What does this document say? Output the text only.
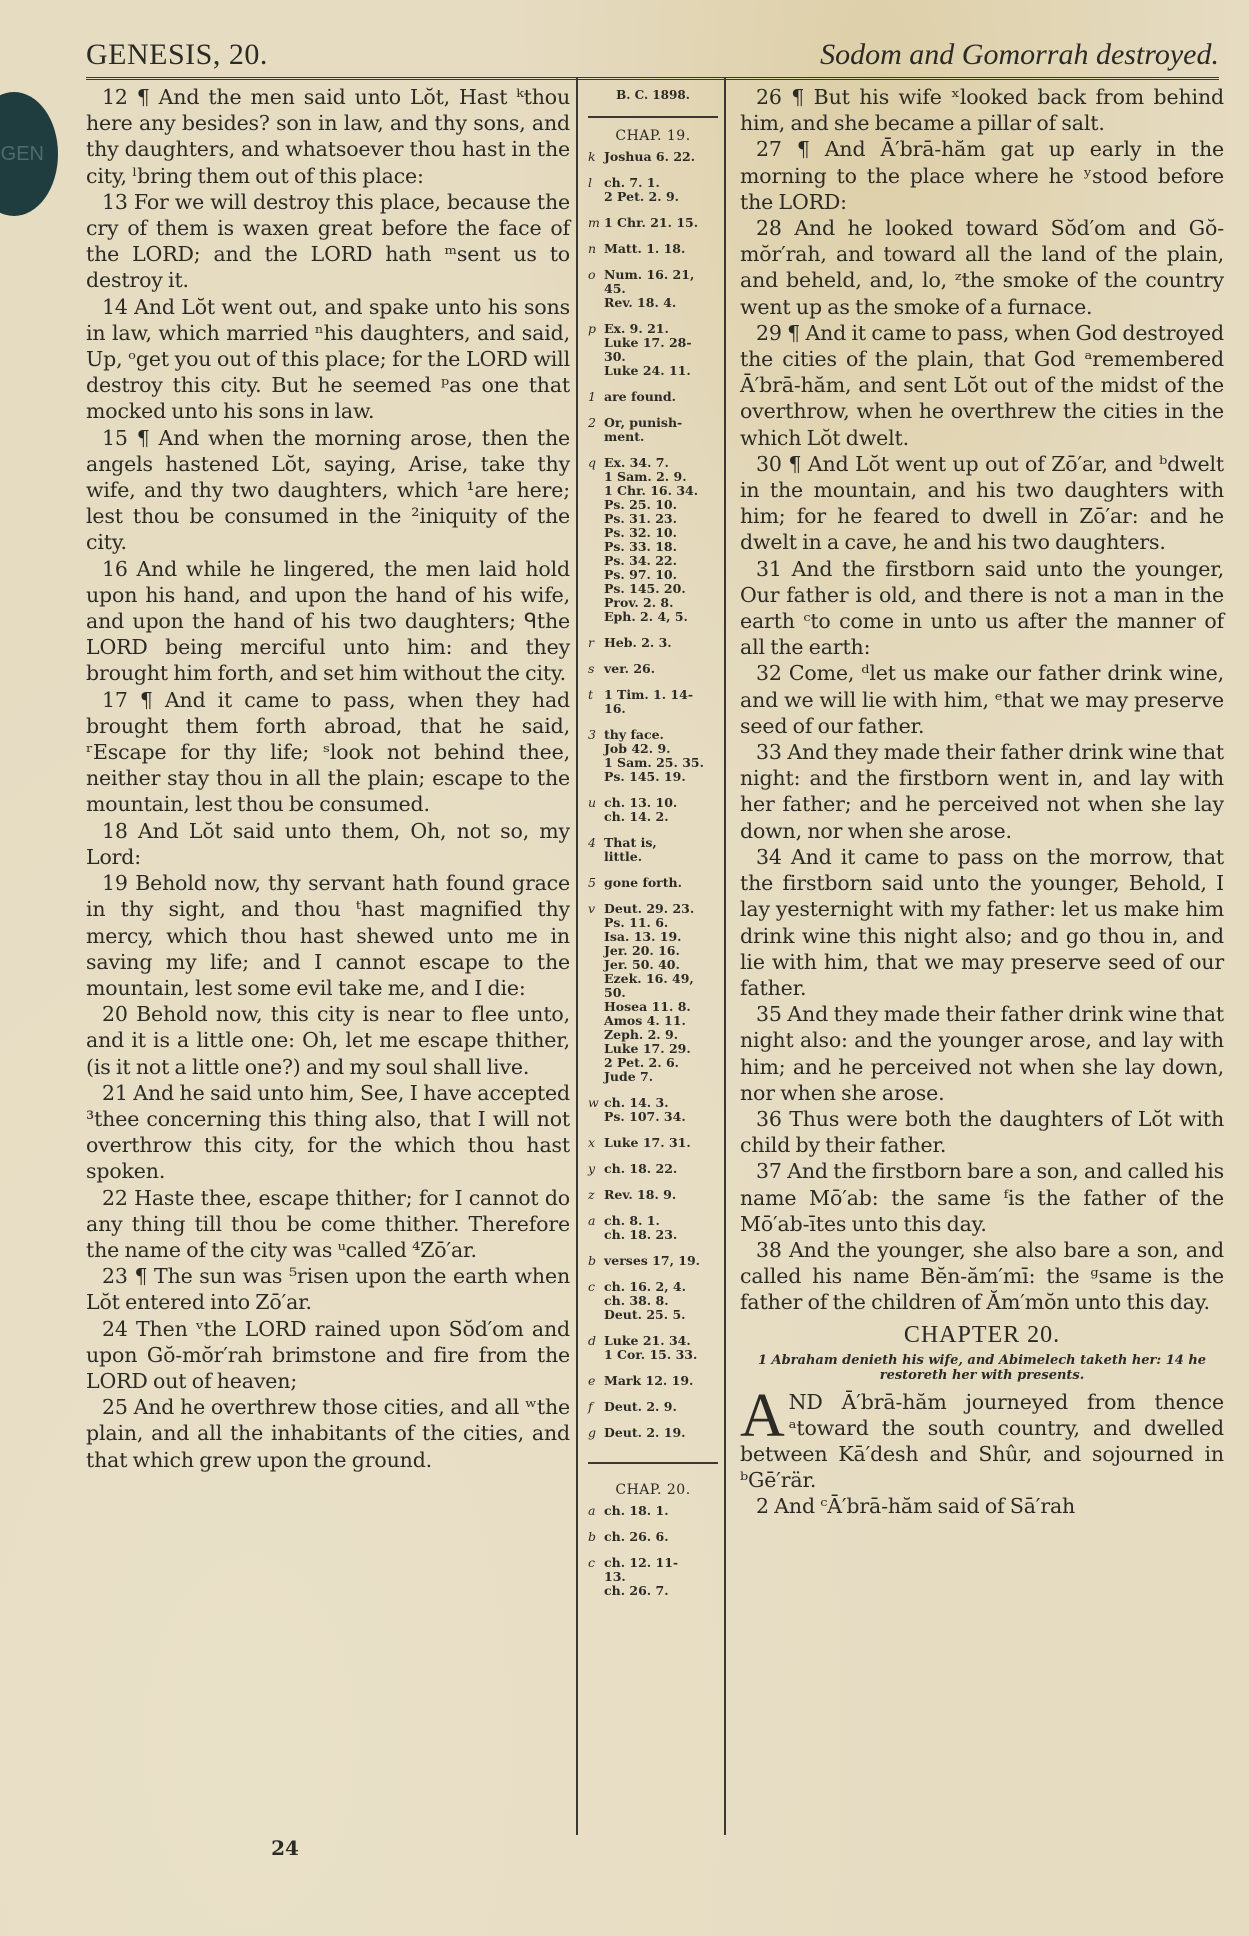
GEN
GENESIS, 20.	Sodom and Gomorrah destroyed.

12 ¶ And the men said unto Lŏt, Hast ᵏthou here any besides? son in law, and thy sons, and thy daughters, and whatsoever thou hast in the city, ˡbring them out of this place:

13 For we will destroy this place, because the cry of them is waxen great before the face of the LORD; and the LORD hath ᵐsent us to destroy it.

14 And Lŏt went out, and spake unto his sons in law, which married ⁿhis daughters, and said, Up, ᵒget you out of this place; for the LORD will destroy this city. But he seemed ᵖas one that mocked unto his sons in law.

15 ¶ And when the morning arose, then the angels hastened Lŏt, saying, Arise, take thy wife, and thy two daughters, which ¹are here; lest thou be consumed in the ²iniquity of the city.

16 And while he lingered, the men laid hold upon his hand, and upon the hand of his wife, and upon the hand of his two daughters; ᑫthe LORD being merciful unto him: and they brought him forth, and set him without the city.

17 ¶ And it came to pass, when they had brought them forth abroad, that he said, ʳEscape for thy life; ˢlook not behind thee, neither stay thou in all the plain; escape to the mountain, lest thou be consumed.

18 And Lŏt said unto them, Oh, not so, my Lord:

19 Behold now, thy servant hath found grace in thy sight, and thou ᵗhast magnified thy mercy, which thou hast shewed unto me in saving my life; and I cannot escape to the mountain, lest some evil take me, and I die:

20 Behold now, this city is near to flee unto, and it is a little one: Oh, let me escape thither, (is it not a little one?) and my soul shall live.

21 And he said unto him, See, I have accepted ³thee concerning this thing also, that I will not overthrow this city, for the which thou hast spoken.

22 Haste thee, escape thither; for I cannot do any thing till thou be come thither. Therefore the name of the city was ᵘcalled ⁴Zō′ar.

23 ¶ The sun was ⁵risen upon the earth when Lŏt entered into Zō′ar.

24 Then ᵛthe LORD rained upon Sŏd′om and upon Gŏ-mŏr′rah brimstone and fire from the LORD out of heaven;

25 And he overthrew those cities, and all ʷthe plain, and all the inhabitants of the cities, and that which grew upon the ground.

B. C. 1898.
CHAP. 19.
k Joshua 6. 22.
l ch. 7. 1.
2 Pet. 2. 9.
m 1 Chr. 21. 15.
n Matt. 1. 18.
o Num. 16. 21,
45.
Rev. 18. 4.
p Ex. 9. 21.
Luke 17. 28-
30.
Luke 24. 11.
1 are found.
2 Or, punish-
ment.
q Ex. 34. 7.
1 Sam. 2. 9.
1 Chr. 16. 34.
Ps. 25. 10.
Ps. 31. 23.
Ps. 32. 10.
Ps. 33. 18.
Ps. 34. 22.
Ps. 97. 10.
Ps. 145. 20.
Prov. 2. 8.
Eph. 2. 4, 5.
r Heb. 2. 3.
s ver. 26.
t 1 Tim. 1. 14-
16.
3 thy face.
Job 42. 9.
1 Sam. 25. 35.
Ps. 145. 19.
u ch. 13. 10.
ch. 14. 2.
4 That is,
little.
5 gone forth.
v Deut. 29. 23.
Ps. 11. 6.
Isa. 13. 19.
Jer. 20. 16.
Jer. 50. 40.
Ezek. 16. 49,
50.
Hosea 11. 8.
Amos 4. 11.
Zeph. 2. 9.
Luke 17. 29.
2 Pet. 2. 6.
Jude 7.
w ch. 14. 3.
Ps. 107. 34.
x Luke 17. 31.
y ch. 18. 22.
z Rev. 18. 9.
a ch. 8. 1.
ch. 18. 23.
b verses 17, 19.
c ch. 16. 2, 4.
ch. 38. 8.
Deut. 25. 5.
d Luke 21. 34.
1 Cor. 15. 33.
e Mark 12. 19.
f Deut. 2. 9.
g Deut. 2. 19.
CHAP. 20.
a ch. 18. 1.
b ch. 26. 6.
c ch. 12. 11-
13.
ch. 26. 7.

26 ¶ But his wife ˣlooked back from behind him, and she became a pillar of salt.

27 ¶ And Ā′brā-hăm gat up early in the morning to the place where he ʸstood before the LORD:

28 And he looked toward Sŏd′om and Gŏ-mŏr′rah, and toward all the land of the plain, and beheld, and, lo, ᶻthe smoke of the country went up as the smoke of a furnace.

29 ¶ And it came to pass, when God destroyed the cities of the plain, that God ᵃremembered Ā′brā-hăm, and sent Lŏt out of the midst of the overthrow, when he overthrew the cities in the which Lŏt dwelt.

30 ¶ And Lŏt went up out of Zō′ar, and ᵇdwelt in the mountain, and his two daughters with him; for he feared to dwell in Zō′ar: and he dwelt in a cave, he and his two daughters.

31 And the firstborn said unto the younger, Our father is old, and there is not a man in the earth ᶜto come in unto us after the manner of all the earth:

32 Come, ᵈlet us make our father drink wine, and we will lie with him, ᵉthat we may preserve seed of our father.

33 And they made their father drink wine that night: and the firstborn went in, and lay with her father; and he perceived not when she lay down, nor when she arose.

34 And it came to pass on the morrow, that the firstborn said unto the younger, Behold, I lay yesternight with my father: let us make him drink wine this night also; and go thou in, and lie with him, that we may preserve seed of our father.

35 And they made their father drink wine that night also: and the younger arose, and lay with him; and he perceived not when she lay down, nor when she arose.

36 Thus were both the daughters of Lŏt with child by their father.

37 And the firstborn bare a son, and called his name Mō′ab: the same ᶠis the father of the Mō′ab-ītes unto this day.

38 And the younger, she also bare a son, and called his name Bĕn-ăm′mī: the ᵍsame is the father of the children of Ăm′mŏn unto this day.

CHAPTER 20.
1 Abraham denieth his wife, and Abimelech taketh her: 14 he restoreth her with presents.
AND Ā′brā-hăm journeyed from thence ᵃtoward the south country, and dwelled between Kā′desh and Shûr, and sojourned in ᵇGē′rär.

2 And ᶜĀ′brā-hăm said of Sā′rah

24
